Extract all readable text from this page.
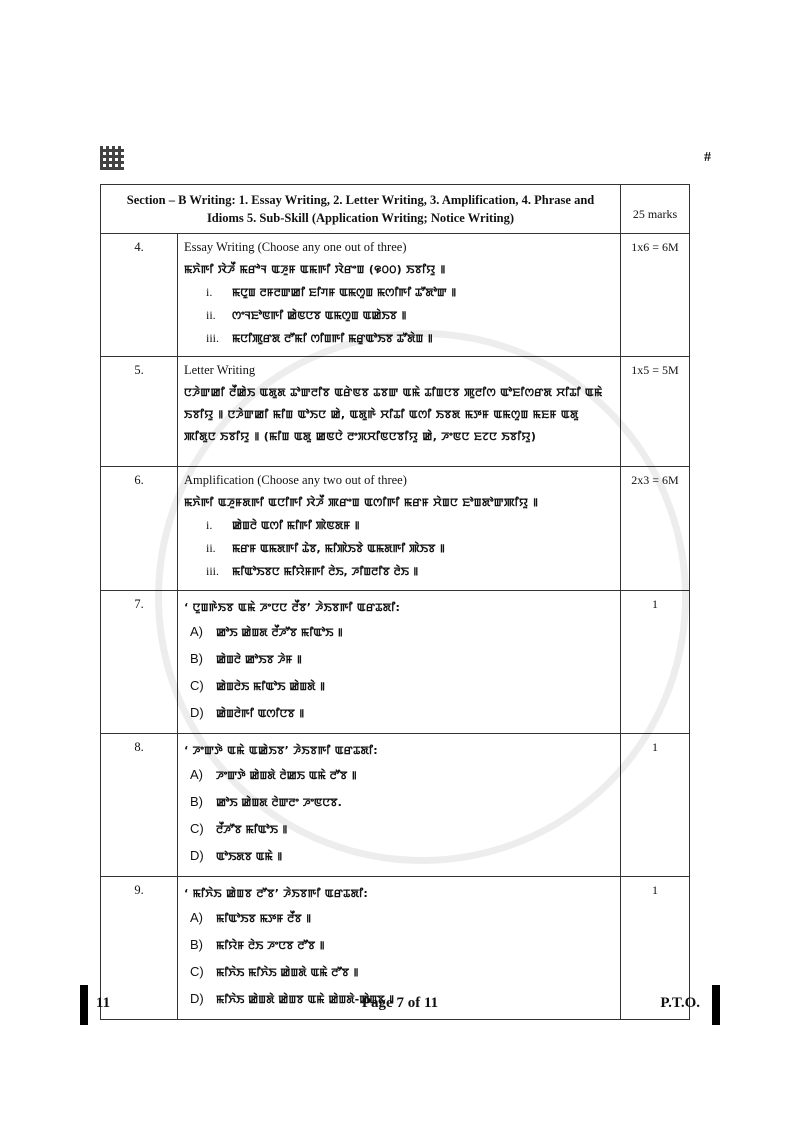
#
Section – B Writing: 1. Essay Writing, 2. Letter Writing, 3. Amplification, 4. Phrase and Idioms 5. Sub-Skill (Application Writing; Notice Writing)		25 marks
4.	Essay Writing (Choose any one out of three)
ꯃꯈꯥꯒꯤ ꯋꯥꯍꯩ ꯃꯔꯣꯜ ꯑꯍꯨꯝ ꯑꯃꯒꯤ ꯋꯥꯔꯦꯡ (꯶꯰꯰) ꯏꯕꯤꯌꯨ ꯫
i. ꯃꯅꯨꯡ ꯂꯝꯂꯛꯀꯤ ꯐꯤꯚꯝ ꯑꯃꯁꯨꯡ ꯃꯁꯤꯒꯤ ꯊꯧꯗꯣꯛ ꯫
ii. ꯁꯦꯜꯐꯣꯟꯒꯤ ꯀꯥꯟꯅꯕ ꯑꯃꯁꯨꯡ ꯑꯀꯥꯏꯕ ꯫
iii. ꯃꯅꯤꯄꯨꯔꯗ ꯂꯧꯃꯤ ꯁꯤꯡꯒꯤ ꯃꯔꯨꯑꯣꯏꯕ ꯊꯧꯗꯥꯡ ꯫	1x6 = 6M
5.	Letter Writing
ꯅꯍꯥꯛꯀꯤ ꯂꯩꯀꯥꯏ ꯑꯗꯨꯗ ꯊꯣꯛꯂꯤꯕ ꯑꯔꯥꯟꯕ ꯊꯕꯛ ꯑꯃꯥ ꯊꯤꯡꯅꯕ ꯄꯨꯂꯤꯁ ꯑꯣꯐꯤꯁꯔꯗ ꯆꯤꯊꯤ ꯑꯃꯥ ꯏꯕꯤꯌꯨ ꯫ ꯅꯍꯥꯛꯀꯤ ꯃꯤꯡ ꯑꯣꯏꯅ ꯀꯥ, ꯑꯗꯨꯒꯥ ꯆꯤꯊꯤ ꯑꯁꯤ ꯏꯕꯗ ꯃꯇꯝ ꯑꯃꯁꯨꯡ ꯃꯐꯝ ꯑꯗꯨ ꯄꯤꯗꯨꯅ ꯏꯕꯤꯌꯨ ꯫ (ꯃꯤꯡ ꯑꯗꯨ ꯀꯟꯅꯥ ꯂꯦꯞꯆꯤꯟꯅꯕꯤꯌꯨ ꯀꯥ, ꯍꯦꯟꯅ ꯐꯖꯅ ꯏꯕꯤꯌꯨ)	1x5 = 5M
6.	Amplification (Choose any two out of three)
ꯃꯈꯥꯒꯤ ꯑꯍꯨꯝꯗꯒꯤ ꯑꯅꯤꯒꯤ ꯋꯥꯍꯩ ꯄꯔꯦꯡ ꯑꯁꯤꯒꯤ ꯃꯔꯝ ꯆꯥꯡꯅ ꯐꯣꯡꯗꯣꯛꯄꯤꯌꯨ ꯫
i. ꯀꯥꯡꯂꯥ ꯑꯁꯤ ꯃꯤꯒꯤ ꯄꯥꯟꯗꯝ ꯫
ii. ꯃꯔꯝ ꯑꯃꯗꯒꯤ ꯊꯥꯕ, ꯃꯤꯄꯥꯏꯕꯥ ꯑꯃꯗꯒꯤ ꯄꯥꯏꯕ ꯫
iii. ꯃꯤꯑꯣꯏꯕꯅ ꯃꯤꯌꯥꯝꯒꯤ ꯂꯥꯏ, ꯍꯤꯡꯂꯤꯕ ꯂꯥꯏ ꯫	2x3 = 6M
7.	‘ ꯅꯨꯡꯒꯥꯏꯕ ꯑꯃꯥ ꯍꯦꯅꯅ ꯂꯩꯕ’ ꯍꯥꯏꯕꯒꯤ ꯑꯔꯊꯗꯤ:
A) ꯀꯣꯏ ꯀꯥꯡꯗ ꯂꯩꯍꯧꯕ ꯃꯤꯑꯣꯏ ꯫
B) ꯀꯥꯡꯂꯥ ꯀꯣꯏꯕ ꯍꯥꯝ ꯫
C) ꯀꯥꯡꯂꯥꯏ ꯃꯤꯑꯣꯏ ꯀꯥꯡꯗꯥ ꯫
D) ꯀꯥꯡꯂꯥꯒꯤ ꯑꯁꯤꯅꯕ ꯫	1
8.	‘ ꯍꯦꯛꯇꯥ ꯑꯃꯥ ꯑꯀꯥꯏꯕ’ ꯍꯥꯏꯕꯒꯤ ꯑꯔꯊꯗꯤ:
A) ꯍꯦꯛꯇꯥ ꯀꯥꯡꯗꯥ ꯂꯥꯀꯏ ꯑꯃꯥ ꯂꯧꯕ ꯫
B) ꯀꯣꯏ ꯀꯥꯡꯗ ꯂꯥꯛꯂꯦ ꯍꯦꯟꯅꯕ.
C) ꯂꯩꯍꯧꯕ ꯃꯤꯑꯣꯏ ꯫
D) ꯑꯣꯏꯗꯕ ꯑꯃꯥ ꯫	1
9.	‘ ꯃꯤꯈꯥꯏ ꯀꯥꯡꯕ ꯂꯧꯕ’ ꯍꯥꯏꯕꯒꯤ ꯑꯔꯊꯗꯤ:
A) ꯃꯤꯑꯣꯏꯕ ꯃꯇꯝ ꯂꯩꯕ ꯫
B) ꯃꯤꯌꯥꯝ ꯂꯥꯏ ꯍꯦꯅꯕ ꯂꯧꯕ ꯫
C) ꯃꯤꯈꯥꯏ ꯃꯤꯈꯥꯏ ꯀꯥꯡꯗꯥ ꯑꯃꯥ ꯂꯧꯕ ꯫
D) ꯃꯤꯈꯥꯏ ꯀꯥꯡꯗꯥ ꯀꯥꯡꯕ ꯑꯃꯥ ꯀꯥꯡꯗꯥ-ꯀꯥꯡꯕ ꯫	1
11	Page 7 of 11	P.T.O.
